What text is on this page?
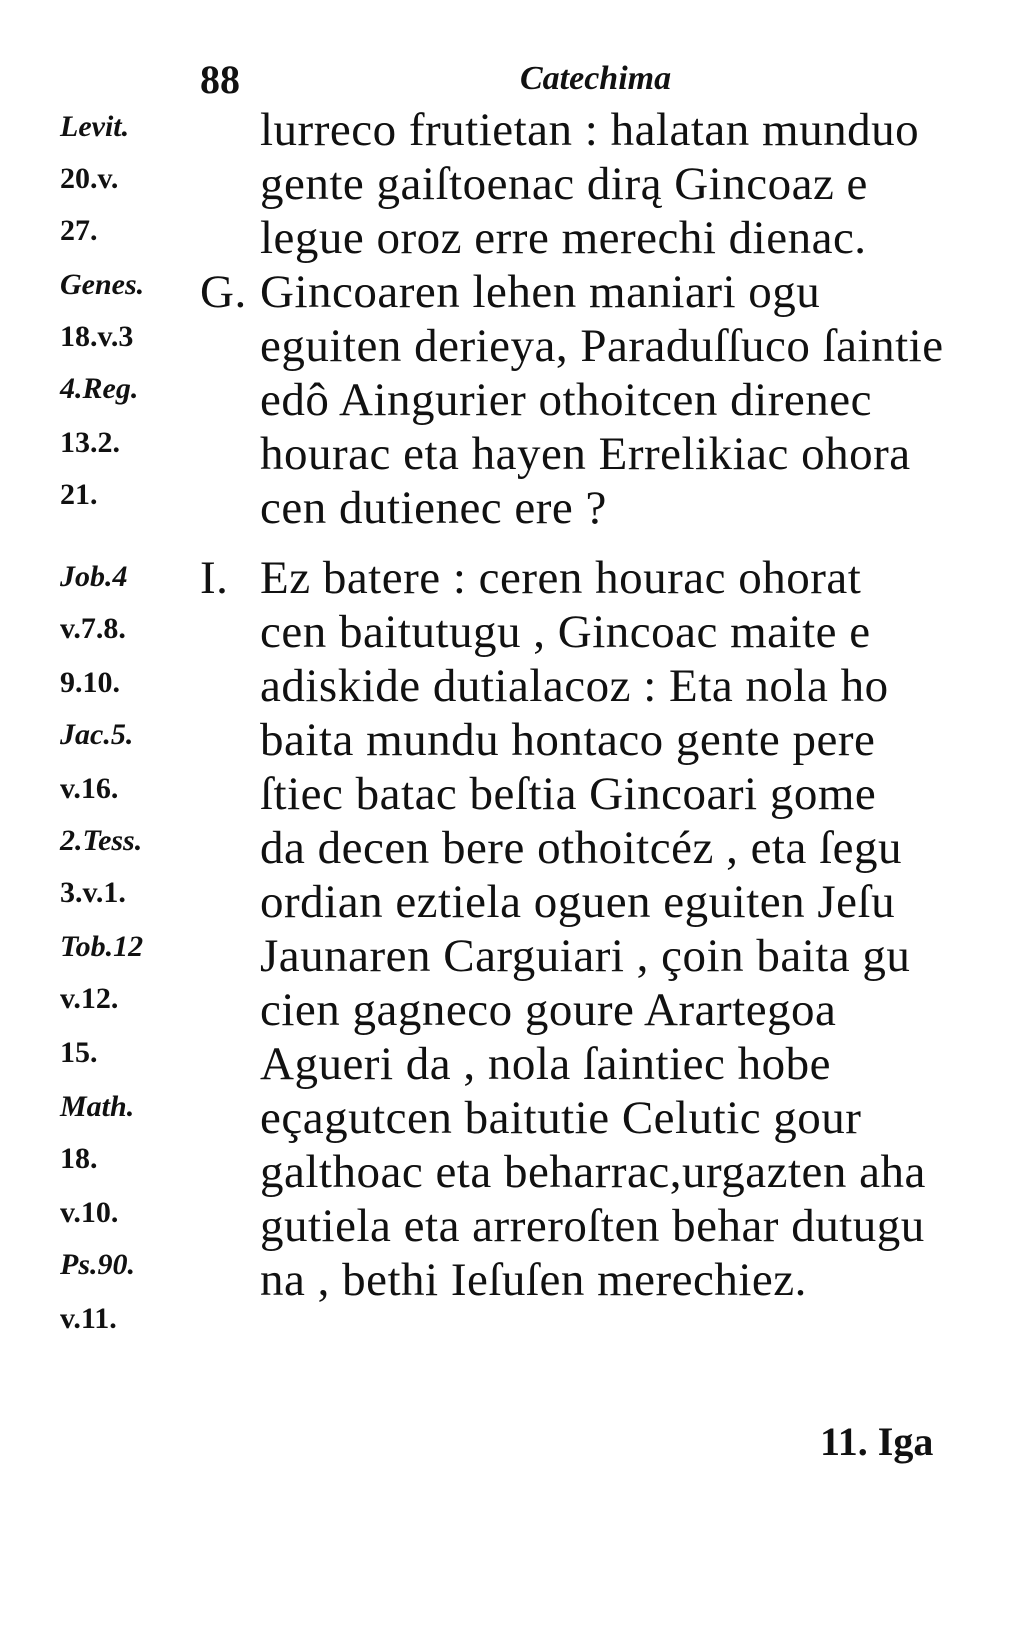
88	Catechima
Levit.
20.v.
27.
Genes.
18.v.3
4.Reg.
13.2.
21.
Job.4
v.7.8.
9.10.
Jac.5.
v.16.
2.Tess.
3.v.1.
Tob.12
v.12.
15.
Math.
18.
v.10.
Ps.90.
v.11.
lurreco frutietan : halatan munduo
gente gaiſtoenac dirą Gincoaz e
legue oroz erre merechi dienac.
G. Gincoaren lehen maniari ogu
eguiten derieya, Paraduſſuco ſaintie
edô Aingurier othoitcen direnec
hourac eta hayen Errelikiac ohora
cen dutienec ere ?
I. Ez batere : ceren hourac ohorat
cen baitutugu , Gincoac maite e
adiskide dutialacoz : Eta nola ho
baita mundu hontaco gente pere
ſtiec batac beſtia Gincoari gome
da decen bere othoitcéz , eta ſegu
ordian eztiela oguen eguiten Jeſu
Jaunaren Carguiari , çoin baita gu
cien gagneco goure Arartegoa
Agueri da , nola ſaintiec hobe
eçagutcen baitutie Celutic gour
galthoac eta beharrac,urgazten aha
gutiela eta arreroſten behar dutugu
na , bethi Ieſuſen merechiez.
11. Iga
